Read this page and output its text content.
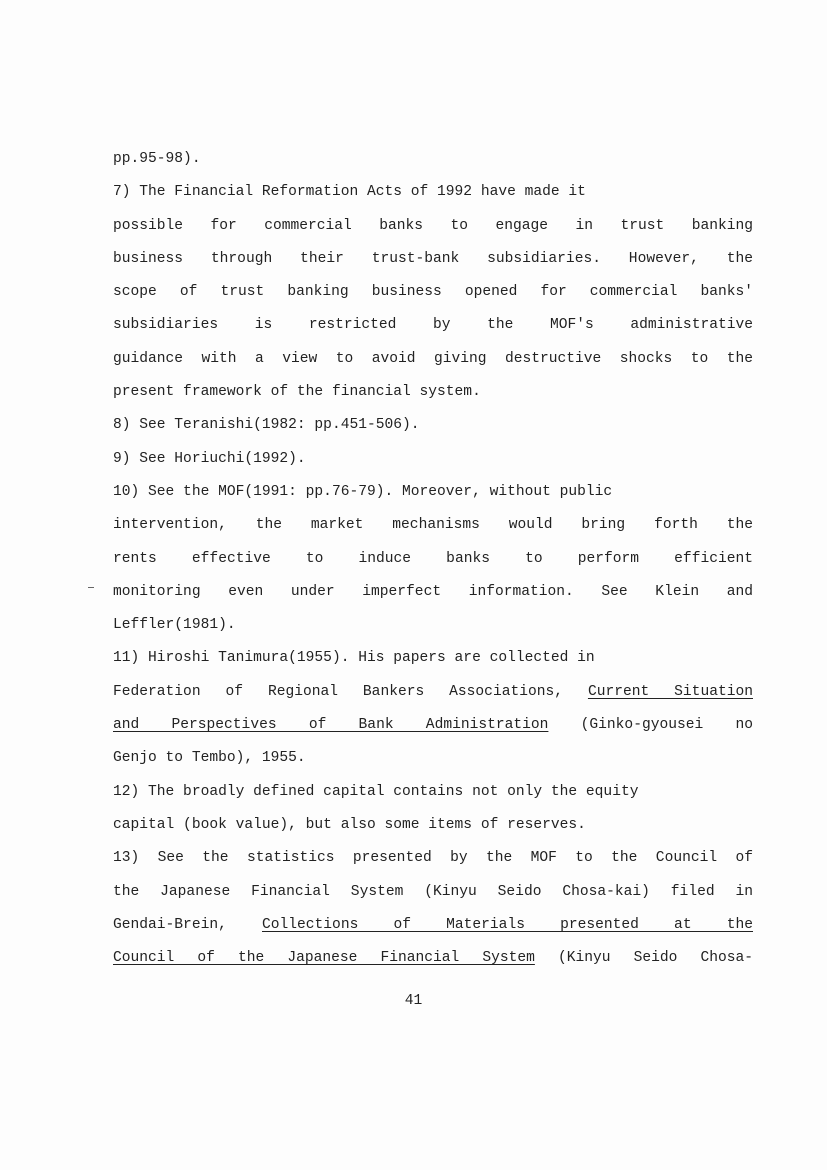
pp.95-98).
7) The Financial Reformation Acts of 1992 have made it
possible for commercial banks to engage in trust banking
business through their trust-bank subsidiaries. However, the
scope of trust banking business opened for commercial banks'
subsidiaries is restricted by the MOF's administrative
guidance with a view to avoid giving destructive shocks to the
present framework of the financial system.
8) See Teranishi(1982: pp.451-506).
9) See Horiuchi(1992).
10) See the MOF(1991: pp.76-79). Moreover, without public
intervention, the market mechanisms would bring forth the
rents effective to induce banks to perform efficient
monitoring even under imperfect information. See Klein and
Leffler(1981).
11) Hiroshi Tanimura(1955). His papers are collected in
Federation of Regional Bankers Associations, Current Situation
and Perspectives of Bank Administration (Ginko-gyousei no
Genjo to Tembo), 1955.
12) The broadly defined capital contains not only the equity
capital (book value), but also some items of reserves.
13) See the statistics presented by the MOF to the Council of
the Japanese Financial System (Kinyu Seido Chosa-kai) filed in
Gendai-Brein, Collections of Materials presented at the
Council of the Japanese Financial System (Kinyu Seido Chosa-
41
